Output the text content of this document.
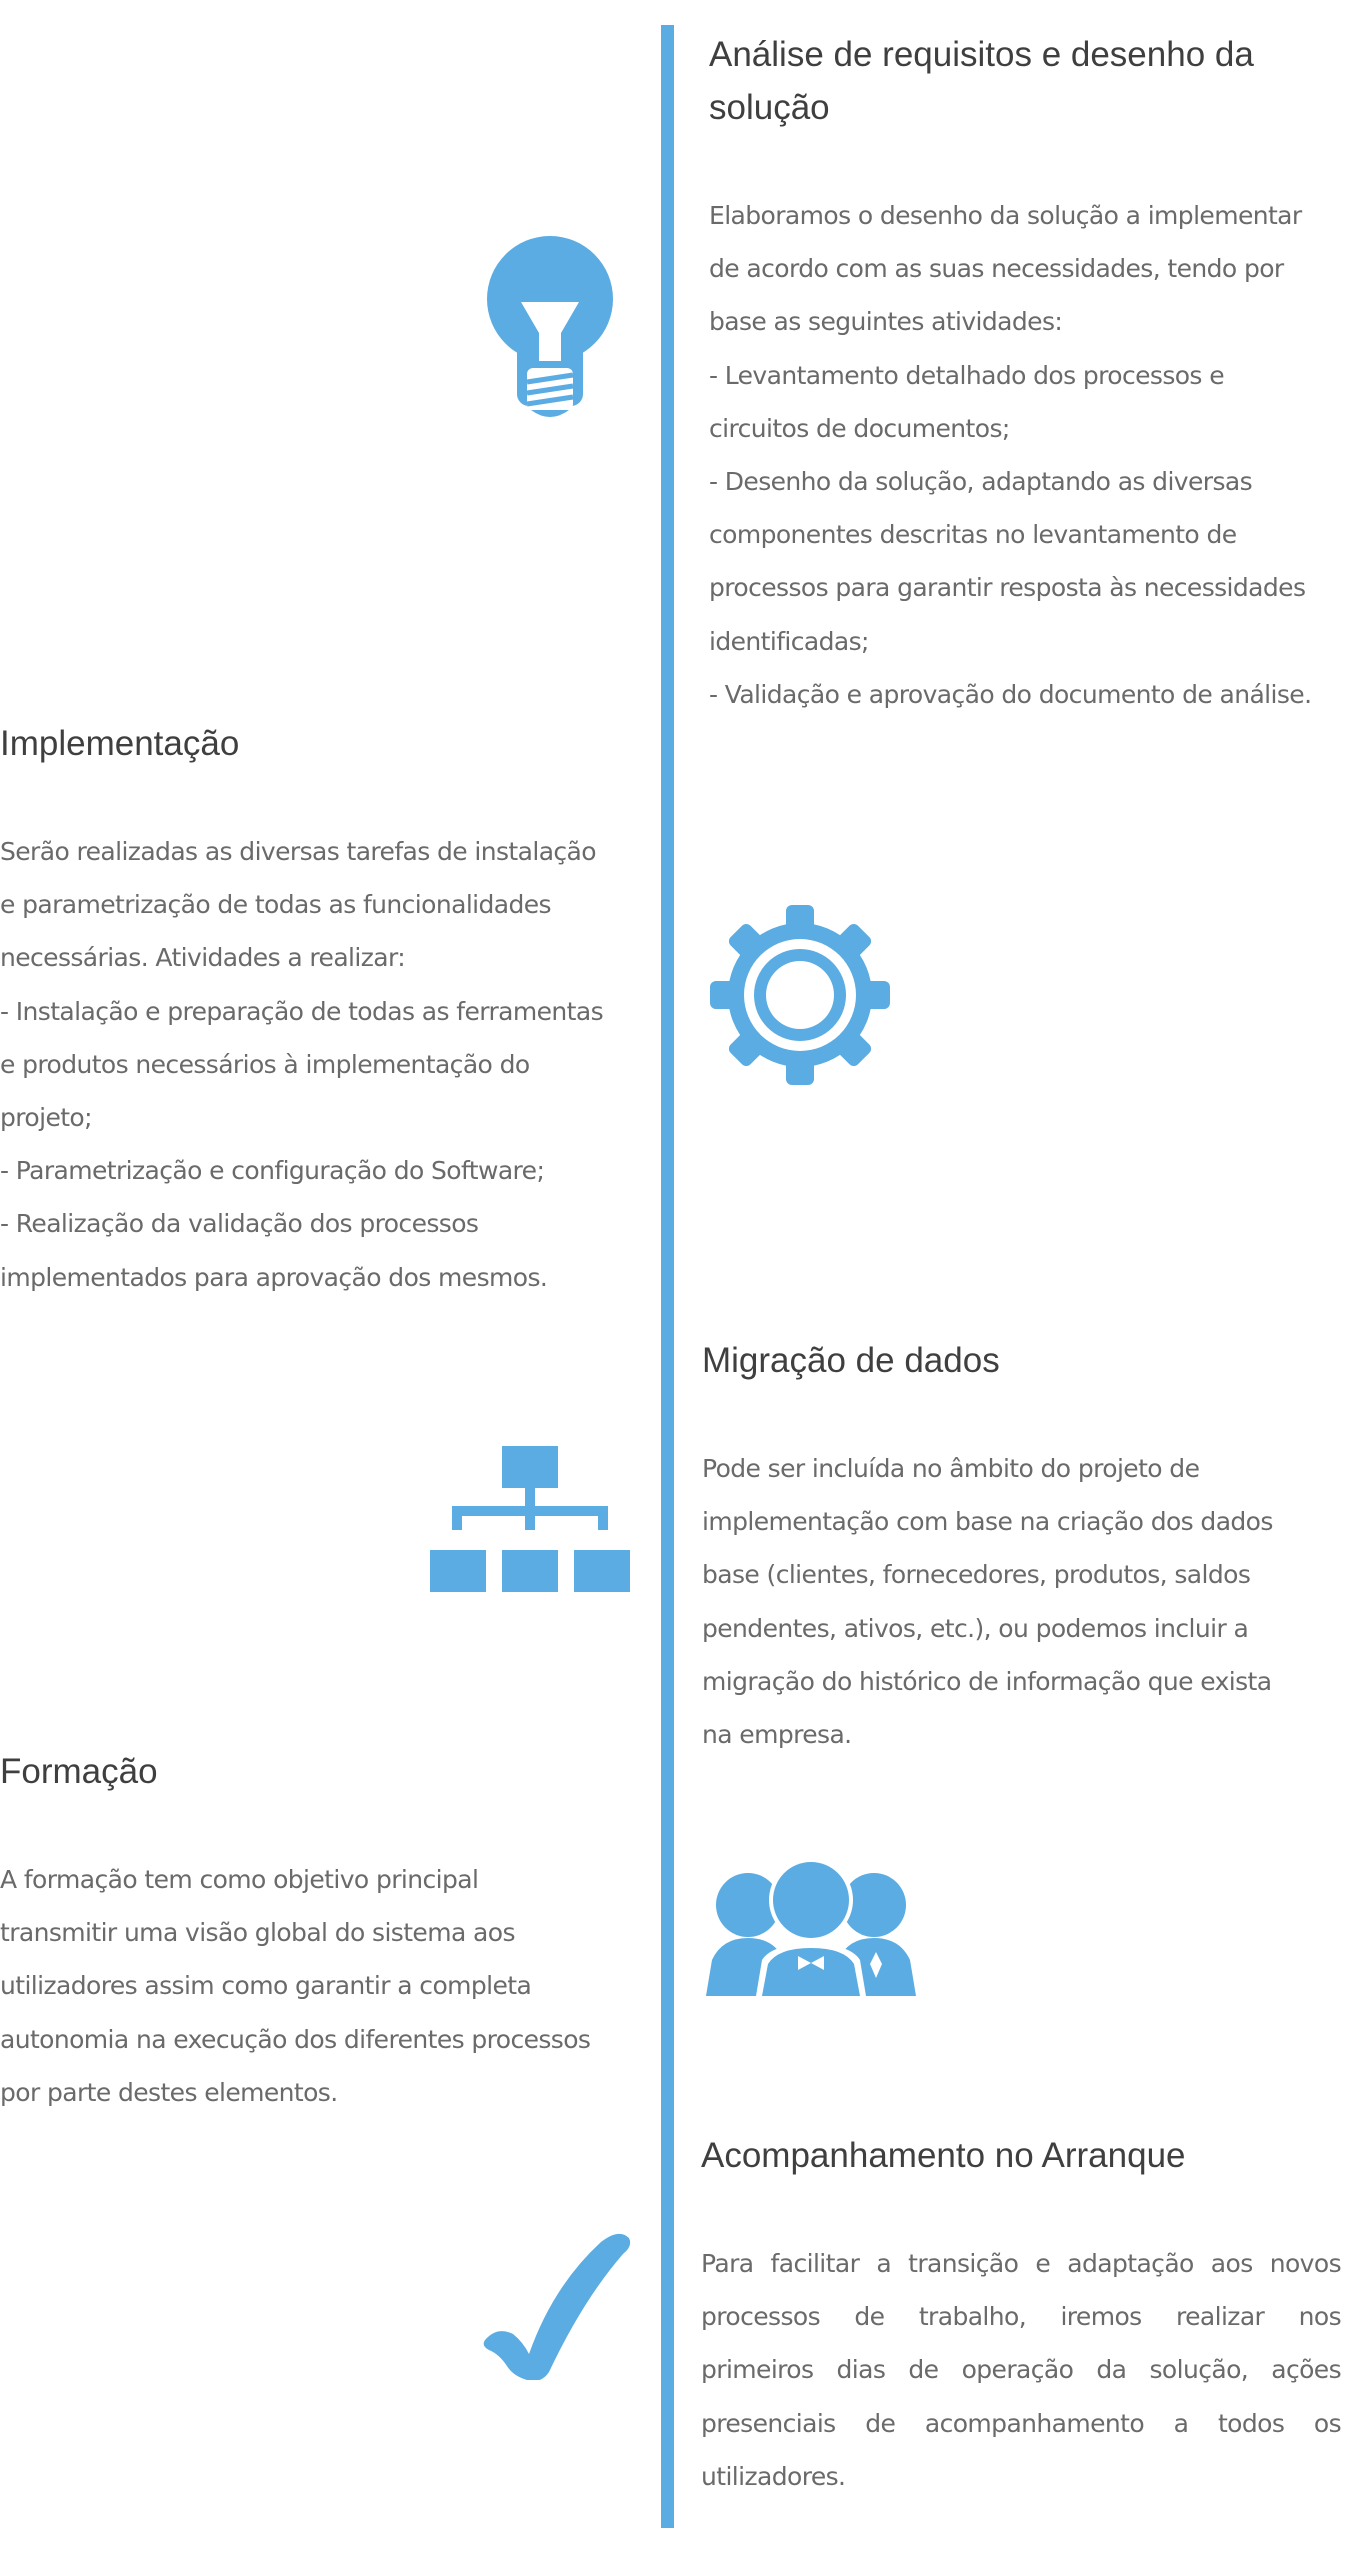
Análise de requisitos e desenho da
solução

Elaboramos o desenho da solução a implementar
de acordo com as suas necessidades, tendo por
base as seguintes atividades:
- Levantamento detalhado dos processos e
circuitos de documentos;
- Desenho da solução, adaptando as diversas
componentes descritas no levantamento de
processos para garantir resposta às necessidades
identificadas;
- Validação e aprovação do documento de análise.

Implementação

Serão realizadas as diversas tarefas de instalação
e parametrização de todas as funcionalidades
necessárias. Atividades a realizar:
- Instalação e preparação de todas as ferramentas
e produtos necessários à implementação do
projeto;
- Parametrização e configuração do Software;
- Realização da validação dos processos
implementados para aprovação dos mesmos.

Migração de dados

Pode ser incluída no âmbito do projeto de
implementação com base na criação dos dados
base (clientes, fornecedores, produtos, saldos
pendentes, ativos, etc.), ou podemos incluir a
migração do histórico de informação que exista
na empresa.

Formação

A formação tem como objetivo principal
transmitir uma visão global do sistema aos
utilizadores assim como garantir a completa
autonomia na execução dos diferentes processos
por parte destes elementos.

Acompanhamento no Arranque

Para facilitar a transição e adaptação aos novos
processos de trabalho, iremos realizar nos
primeiros dias de operação da solução, ações
presenciais de acompanhamento a todos os
utilizadores.
